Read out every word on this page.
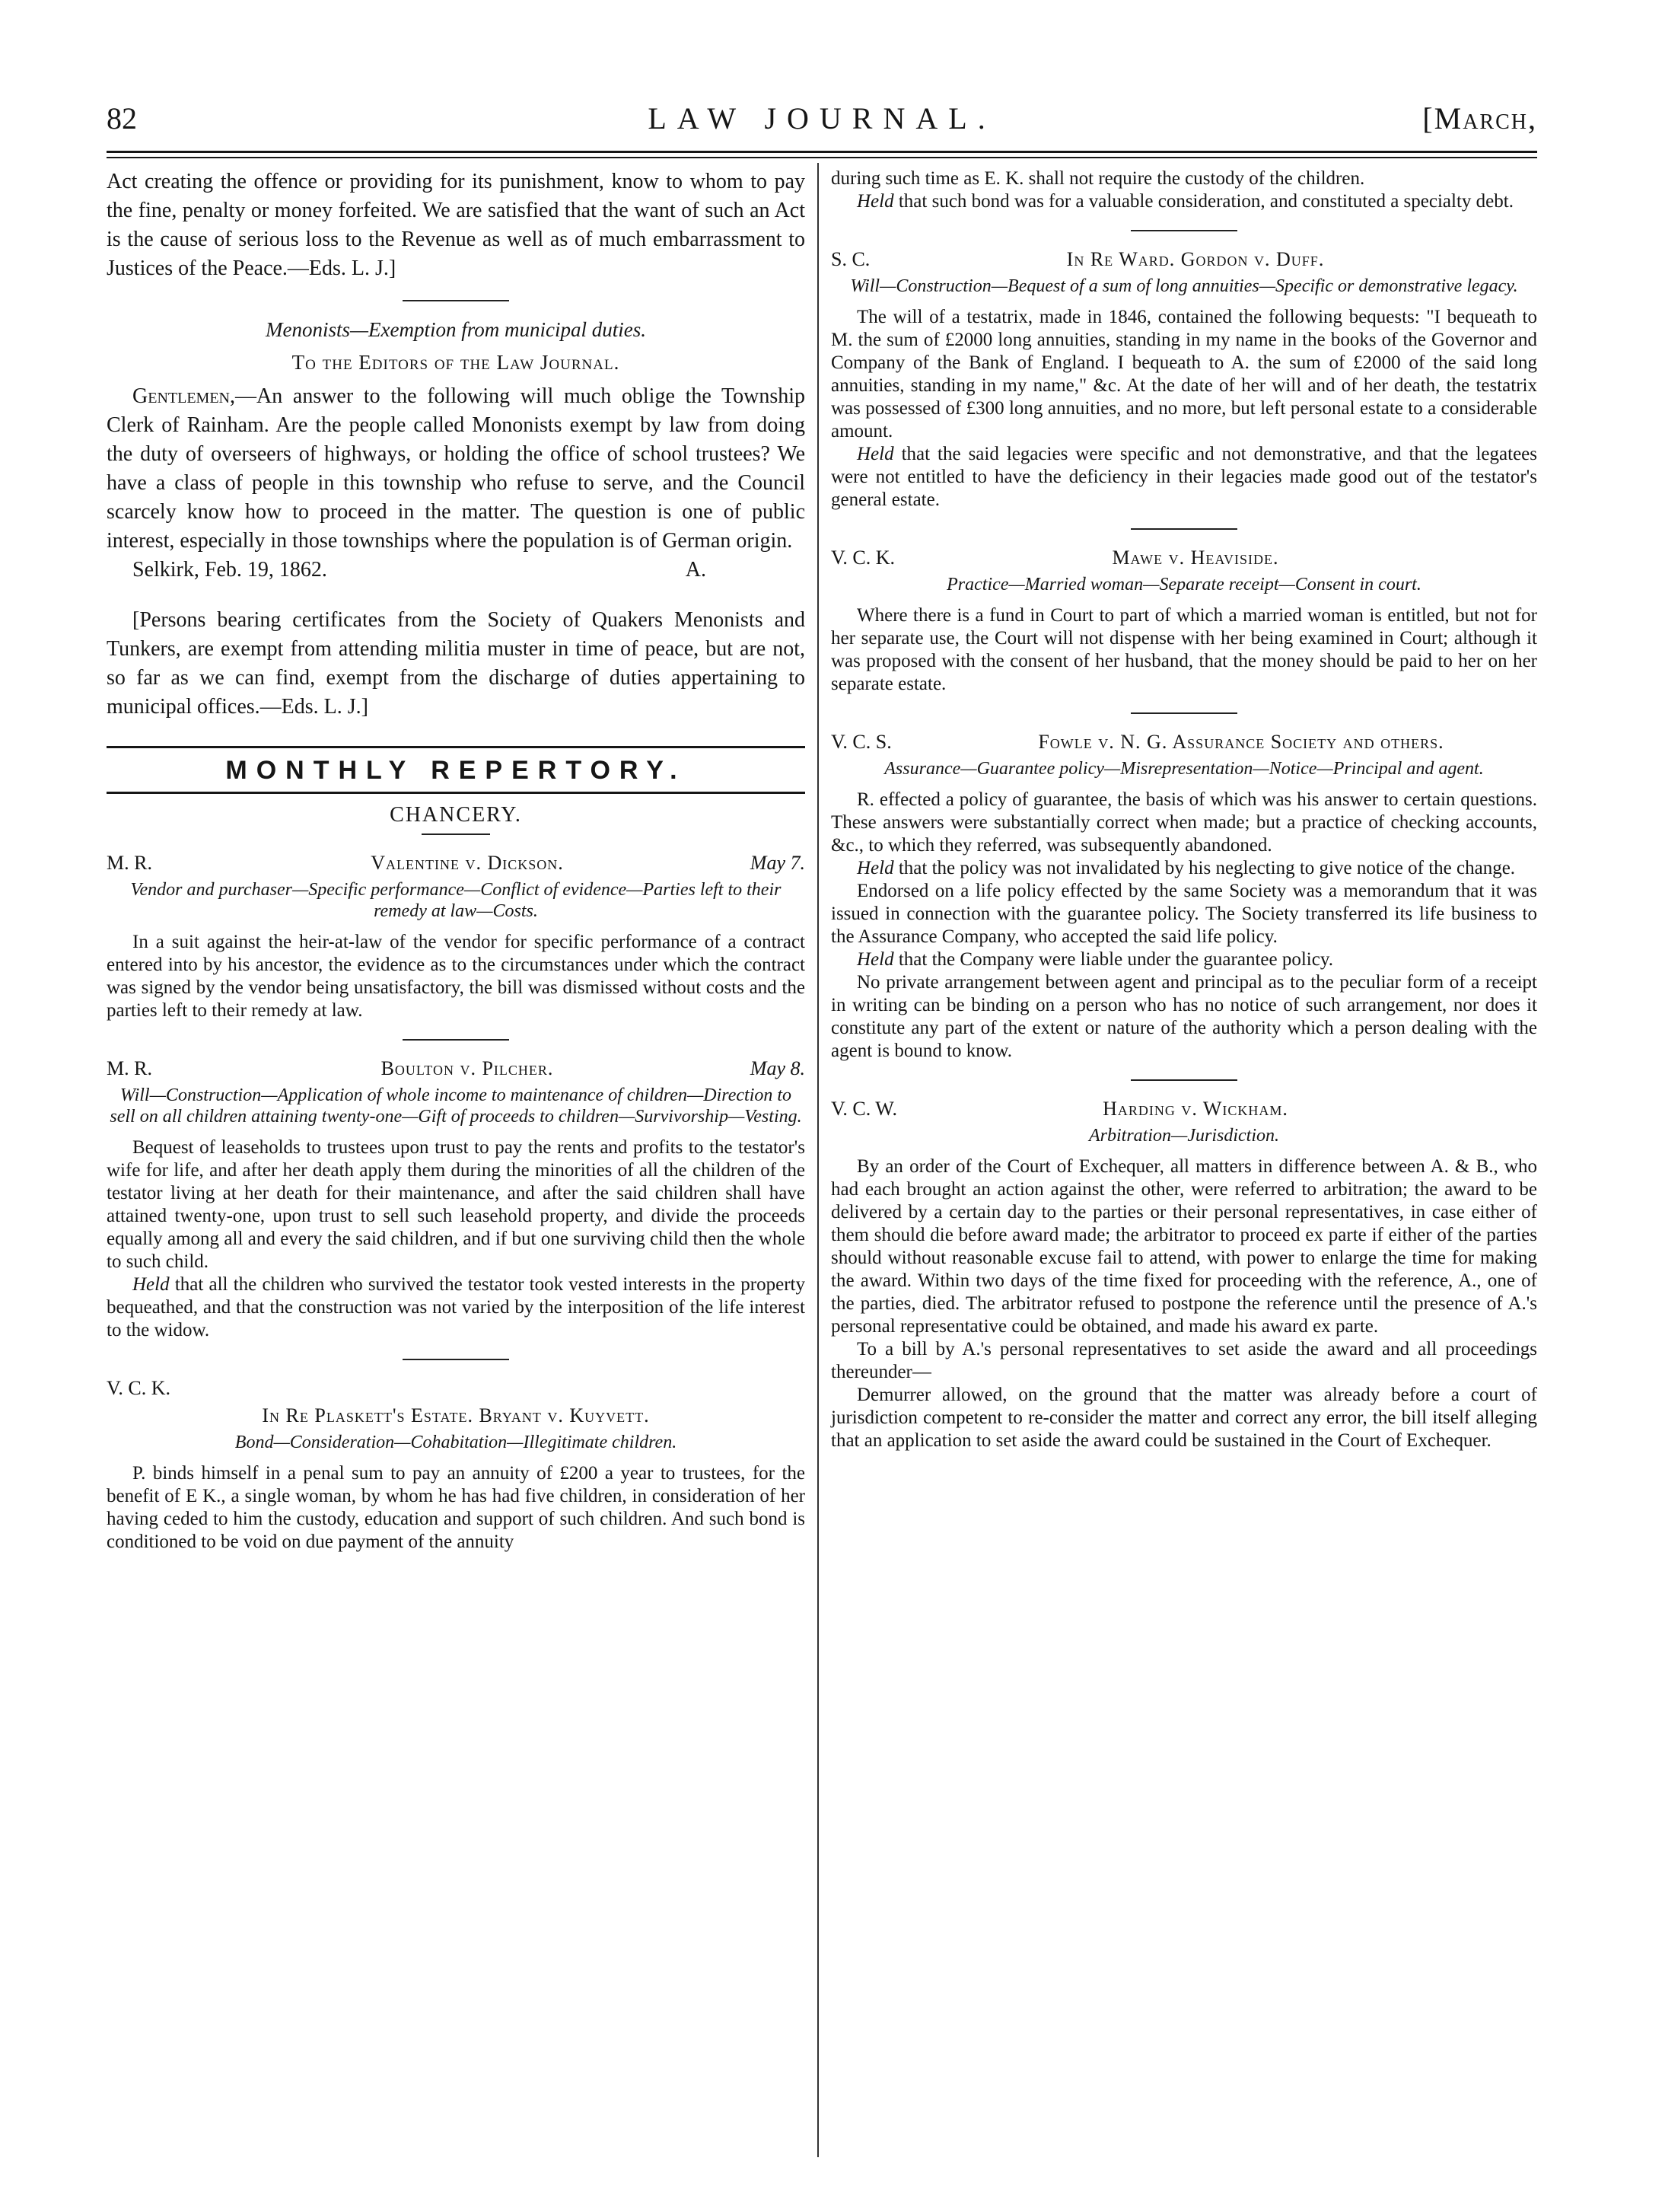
82	LAW JOURNAL.	[March,

Act creating the offence or providing for its punishment, know to whom to pay the fine, penalty or money forfeited. We are satisfied that the want of such an Act is the cause of serious loss to the Revenue as well as of much embarrassment to Justices of the Peace.—Eds. L. J.]

Menonists—Exemption from municipal duties.
To the Editors of the Law Journal.

Gentlemen,—An answer to the following will much oblige the Township Clerk of Rainham. Are the people called Mononists exempt by law from doing the duty of overseers of highways, or holding the office of school trustees? We have a class of people in this township who refuse to serve, and the Council scarcely know how to proceed in the matter. The question is one of public interest, especially in those townships where the population is of German origin.

Selkirk, Feb. 19, 1862.	A.

[Persons bearing certificates from the Society of Quakers Menonists and Tunkers, are exempt from attending militia muster in time of peace, but are not, so far as we can find, exempt from the discharge of duties appertaining to municipal offices.—Eds. L. J.]

MONTHLY REPERTORY.
CHANCERY.
M. R.	Valentine v. Dickson.	May 7.
Vendor and purchaser—Specific performance—Conflict of evidence—Parties left to their remedy at law—Costs.

In a suit against the heir-at-law of the vendor for specific performance of a contract entered into by his ancestor, the evidence as to the circumstances under which the contract was signed by the vendor being unsatisfactory, the bill was dismissed without costs and the parties left to their remedy at law.

M. R.	Boulton v. Pilcher.	May 8.
Will—Construction—Application of whole income to maintenance of children—Direction to sell on all children attaining twenty-one—Gift of proceeds to children—Survivorship—Vesting.

Bequest of leaseholds to trustees upon trust to pay the rents and profits to the testator's wife for life, and after her death apply them during the minorities of all the children of the testator living at her death for their maintenance, and after the said children shall have attained twenty-one, upon trust to sell such leasehold property, and divide the proceeds equally among all and every the said children, and if but one surviving child then the whole to such child.

Held that all the children who survived the testator took vested interests in the property bequeathed, and that the construction was not varied by the interposition of the life interest to the widow.

V. C. K.
In Re Plaskett's Estate. Bryant v. Kuyvett.
Bond—Consideration—Cohabitation—Illegitimate children.

P. binds himself in a penal sum to pay an annuity of £200 a year to trustees, for the benefit of E K., a single woman, by whom he has had five children, in consideration of her having ceded to him the custody, education and support of such children. And such bond is conditioned to be void on due payment of the annuity

during such time as E. K. shall not require the custody of the children.

Held that such bond was for a valuable consideration, and constituted a specialty debt.

S. C.	In Re Ward. Gordon v. Duff.
Will—Construction—Bequest of a sum of long annuities—Specific or demonstrative legacy.

The will of a testatrix, made in 1846, contained the following bequests: "I bequeath to M. the sum of £2000 long annuities, standing in my name in the books of the Governor and Company of the Bank of England. I bequeath to A. the sum of £2000 of the said long annuities, standing in my name," &c. At the date of her will and of her death, the testatrix was possessed of £300 long annuities, and no more, but left personal estate to a considerable amount.

Held that the said legacies were specific and not demonstrative, and that the legatees were not entitled to have the deficiency in their legacies made good out of the testator's general estate.

V. C. K.	Mawe v. Heaviside.
Practice—Married woman—Separate receipt—Consent in court.

Where there is a fund in Court to part of which a married woman is entitled, but not for her separate use, the Court will not dispense with her being examined in Court; although it was proposed with the consent of her husband, that the money should be paid to her on her separate estate.

V. C. S.	Fowle v. N. G. Assurance Society and others.
Assurance—Guarantee policy—Misrepresentation—Notice—Principal and agent.

R. effected a policy of guarantee, the basis of which was his answer to certain questions. These answers were substantially correct when made; but a practice of checking accounts, &c., to which they referred, was subsequently abandoned.

Held that the policy was not invalidated by his neglecting to give notice of the change.

Endorsed on a life policy effected by the same Society was a memorandum that it was issued in connection with the guarantee policy. The Society transferred its life business to the Assurance Company, who accepted the said life policy.

Held that the Company were liable under the guarantee policy.

No private arrangement between agent and principal as to the peculiar form of a receipt in writing can be binding on a person who has no notice of such arrangement, nor does it constitute any part of the extent or nature of the authority which a person dealing with the agent is bound to know.

V. C. W.	Harding v. Wickham.
Arbitration—Jurisdiction.

By an order of the Court of Exchequer, all matters in difference between A. & B., who had each brought an action against the other, were referred to arbitration; the award to be delivered by a certain day to the parties or their personal representatives, in case either of them should die before award made; the arbitrator to proceed ex parte if either of the parties should without reasonable excuse fail to attend, with power to enlarge the time for making the award. Within two days of the time fixed for proceeding with the reference, A., one of the parties, died. The arbitrator refused to postpone the reference until the presence of A.'s personal representative could be obtained, and made his award ex parte.

To a bill by A.'s personal representatives to set aside the award and all proceedings thereunder—

Demurrer allowed, on the ground that the matter was already before a court of jurisdiction competent to re-consider the matter and correct any error, the bill itself alleging that an application to set aside the award could be sustained in the Court of Exchequer.
